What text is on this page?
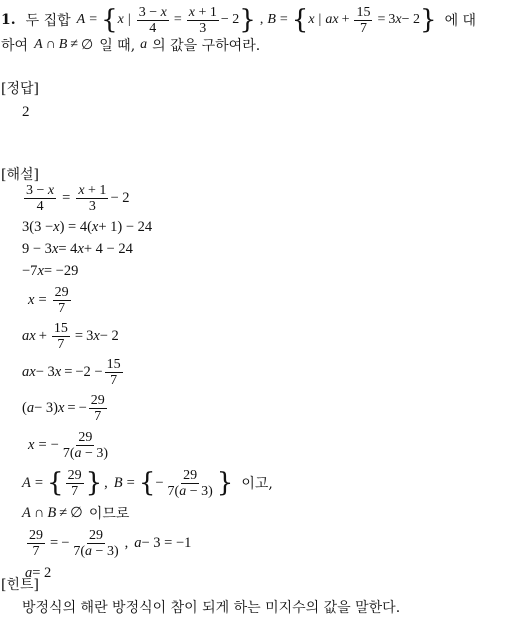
1. 두 집합 A = { x | $\frac{3 - x}{4} = \frac{x + 1}{3} - 2$ } , B = { x | ax + $\frac{15}{7} = 3$ x − 2 } 에 대
하여 A ∩ B ≠ ∅ 일 때, a 의 값을 구하여라.
[정답]
2
[해설]
$\frac{3 - x}{4} = \frac{x + 1}{3} - 2$
3(3 − x ) = 4( x + 1) − 24
9 − 3 x = 4 x + 4 − 24
−7 x = −29
$x = \frac{29}{7}$
ax + $\frac{15}{7} = 3$ x − 2
ax − 3 $x = -2 - \frac{15}{7}$
( a − 3) x = − $\frac{29}{7}$
x = − $\frac{29}{7(a - 3)}$
A = { $\frac{29}{7}$ } , B = { − $\frac{29}{7(a - 3)}$ } 이고,
A ∩ B ≠ ∅ 이므로
$\frac{29}{7}$ = − $\frac{29}{7(a - 3)}$ , a − 3 = −1
a = 2
[힌트]
방정식의 해란 방정식이 참이 되게 하는 미지수의 값을 말한다.
